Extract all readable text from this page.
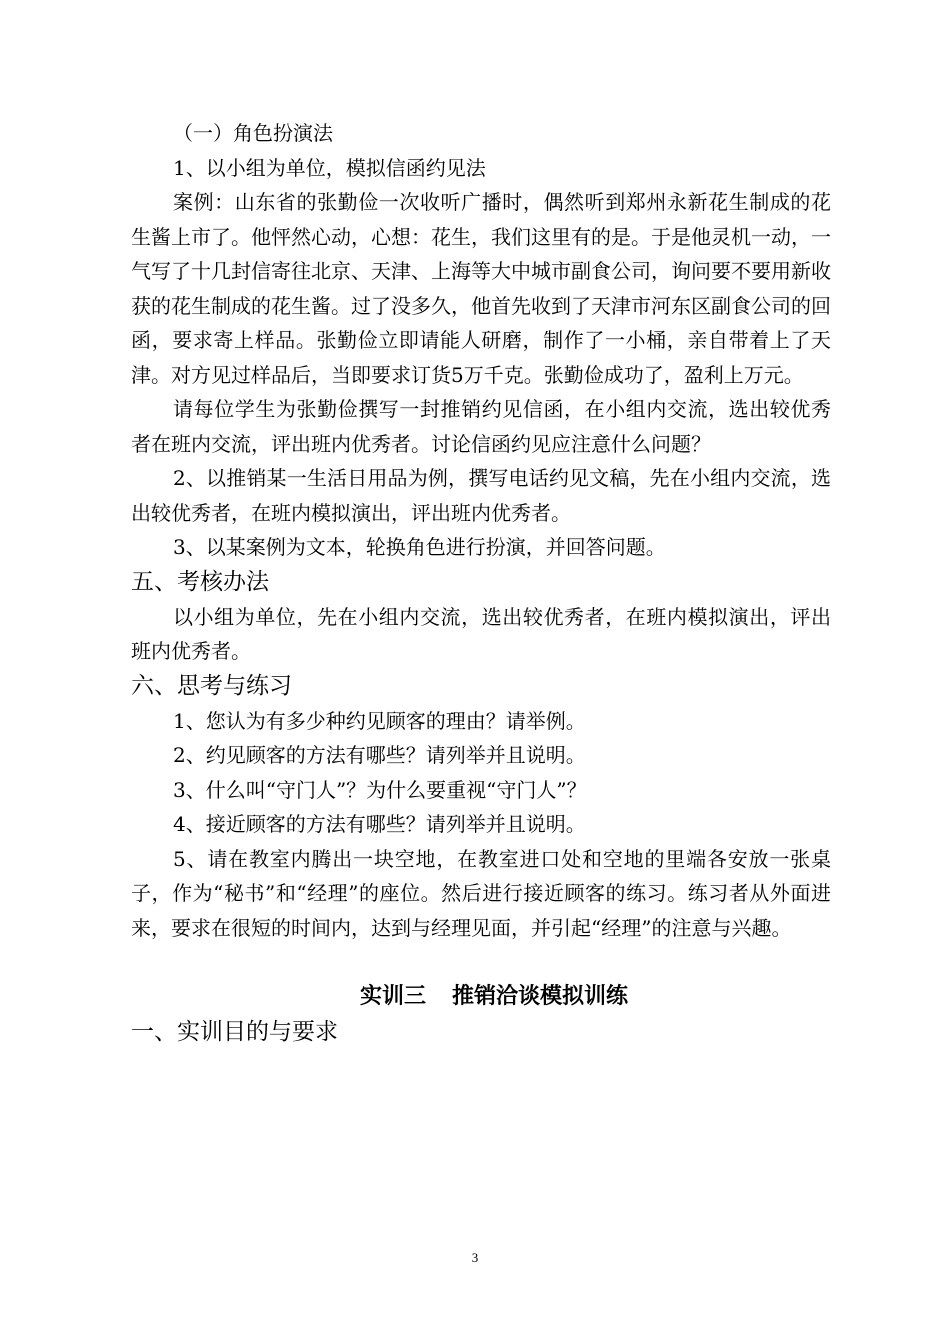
（一）角色扮演法

1、以小组为单位，模拟信函约见法

案例：山东省的张勤俭一次收听广播时，偶然听到郑州永新花生制成的花生酱上市了。他怦然心动，心想：花生，我们这里有的是。于是他灵机一动，一气写了十几封信寄往北京、天津、上海等大中城市副食公司，询问要不要用新收获的花生制成的花生酱。过了没多久，他首先收到了天津市河东区副食公司的回函，要求寄上样品。张勤俭立即请能人研磨，制作了一小桶，亲自带着上了天津。对方见过样品后，当即要求订货5万千克。张勤俭成功了，盈利上万元。

请每位学生为张勤俭撰写一封推销约见信函，在小组内交流，选出较优秀者在班内交流，评出班内优秀者。讨论信函约见应注意什么问题？

2、以推销某一生活日用品为例，撰写电话约见文稿，先在小组内交流，选出较优秀者，在班内模拟演出，评出班内优秀者。

3、以某案例为文本，轮换角色进行扮演，并回答问题。

五、考核办法

以小组为单位，先在小组内交流，选出较优秀者，在班内模拟演出，评出班内优秀者。

六、思考与练习

1、您认为有多少种约见顾客的理由？请举例。

2、约见顾客的方法有哪些？请列举并且说明。

3、什么叫“守门人”？为什么要重视“守门人”？

4、接近顾客的方法有哪些？请列举并且说明。

5、请在教室内腾出一块空地，在教室进口处和空地的里端各安放一张桌子，作为“秘书”和“经理”的座位。然后进行接近顾客的练习。练习者从外面进来，要求在很短的时间内，达到与经理见面，并引起“经理”的注意与兴趣。

实训三 推销洽谈模拟训练

一、实训目的与要求

3
